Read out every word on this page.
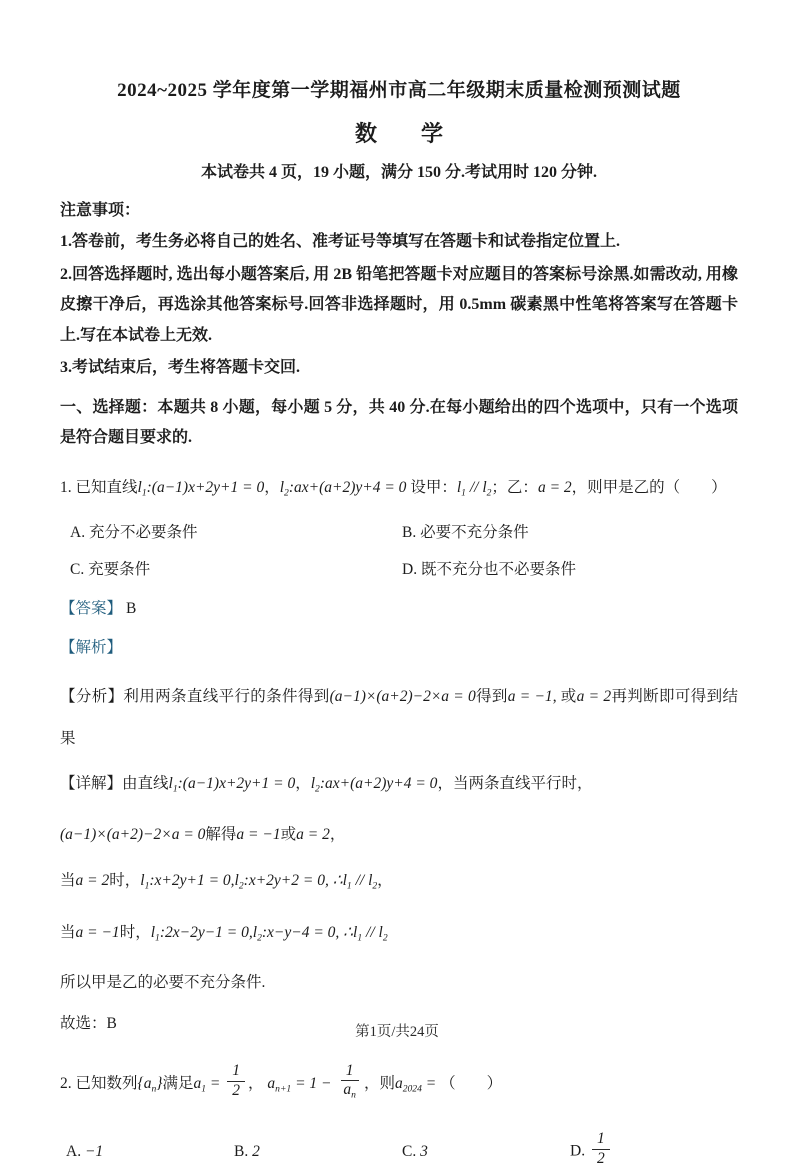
2024~2025 学年度第一学期福州市高二年级期末质量检测预测试题
数　　学
本试卷共 4 页，19 小题，满分 150 分.考试用时 120 分钟.
注意事项：

1.答卷前，考生务必将自己的姓名、准考证号等填写在答题卡和试卷指定位置上.

2.回答选择题时, 选出每小题答案后, 用 2B 铅笔把答题卡对应题目的答案标号涂黑.如需改动, 用橡皮擦干净后，再选涂其他答案标号.回答非选择题时，用 0.5mm 碳素黑中性笔将答案写在答题卡上.写在本试卷上无效.

3.考试结束后，考生将答题卡交回.

一、选择题：本题共 8 小题，每小题 5 分，共 40 分.在每小题给出的四个选项中，只有一个选项是符合题目要求的.

1. 已知直线$l_1:(a-1)x+2y+1 = 0$，$l_2:ax+(a+2)y+4 = 0$ 设甲：$l_1 // l_2$；乙：a = 2，则甲是乙的（　　）

A. 充分不必要条件	B. 必要不充分条件
C. 充要条件	D. 既不充分也不必要条件

【答案】 B

【解析】

【分析】利用两条直线平行的条件得到(a−1)×(a+2)−2×a = 0得到a = −1, 或a = 2再判断即可得到结果

【详解】由直线$l_1:(a-1)x+2y+1 = 0$，$l_2:ax+(a+2)y+4 = 0$，当两条直线平行时，

(a−1)×(a+2)−2×a = 0解得a = −1或a = 2，

当a = 2时，$l_1:x+2y+1$ = $0,l_2:x+2y+2 = 0$, $\therefore l_1 // l_2$，

当a = −1时，$l_1:2x-2y-1$ = $0,l_2:x-y-4 = 0$, $\therefore l_1 // l_2$

所以甲是乙的必要不充分条件.

故选：B

2. 已知数列$\{a_n\}$满足$a_1 = \frac{1}{2}$ ， $a_{n+1} = 1 - \frac{1}{a_n}$ ，则$a_{2024}$ = （　　）

A. −1	B. 2	C. 3	D. $\frac{1}{2}$
第1页/共24页
